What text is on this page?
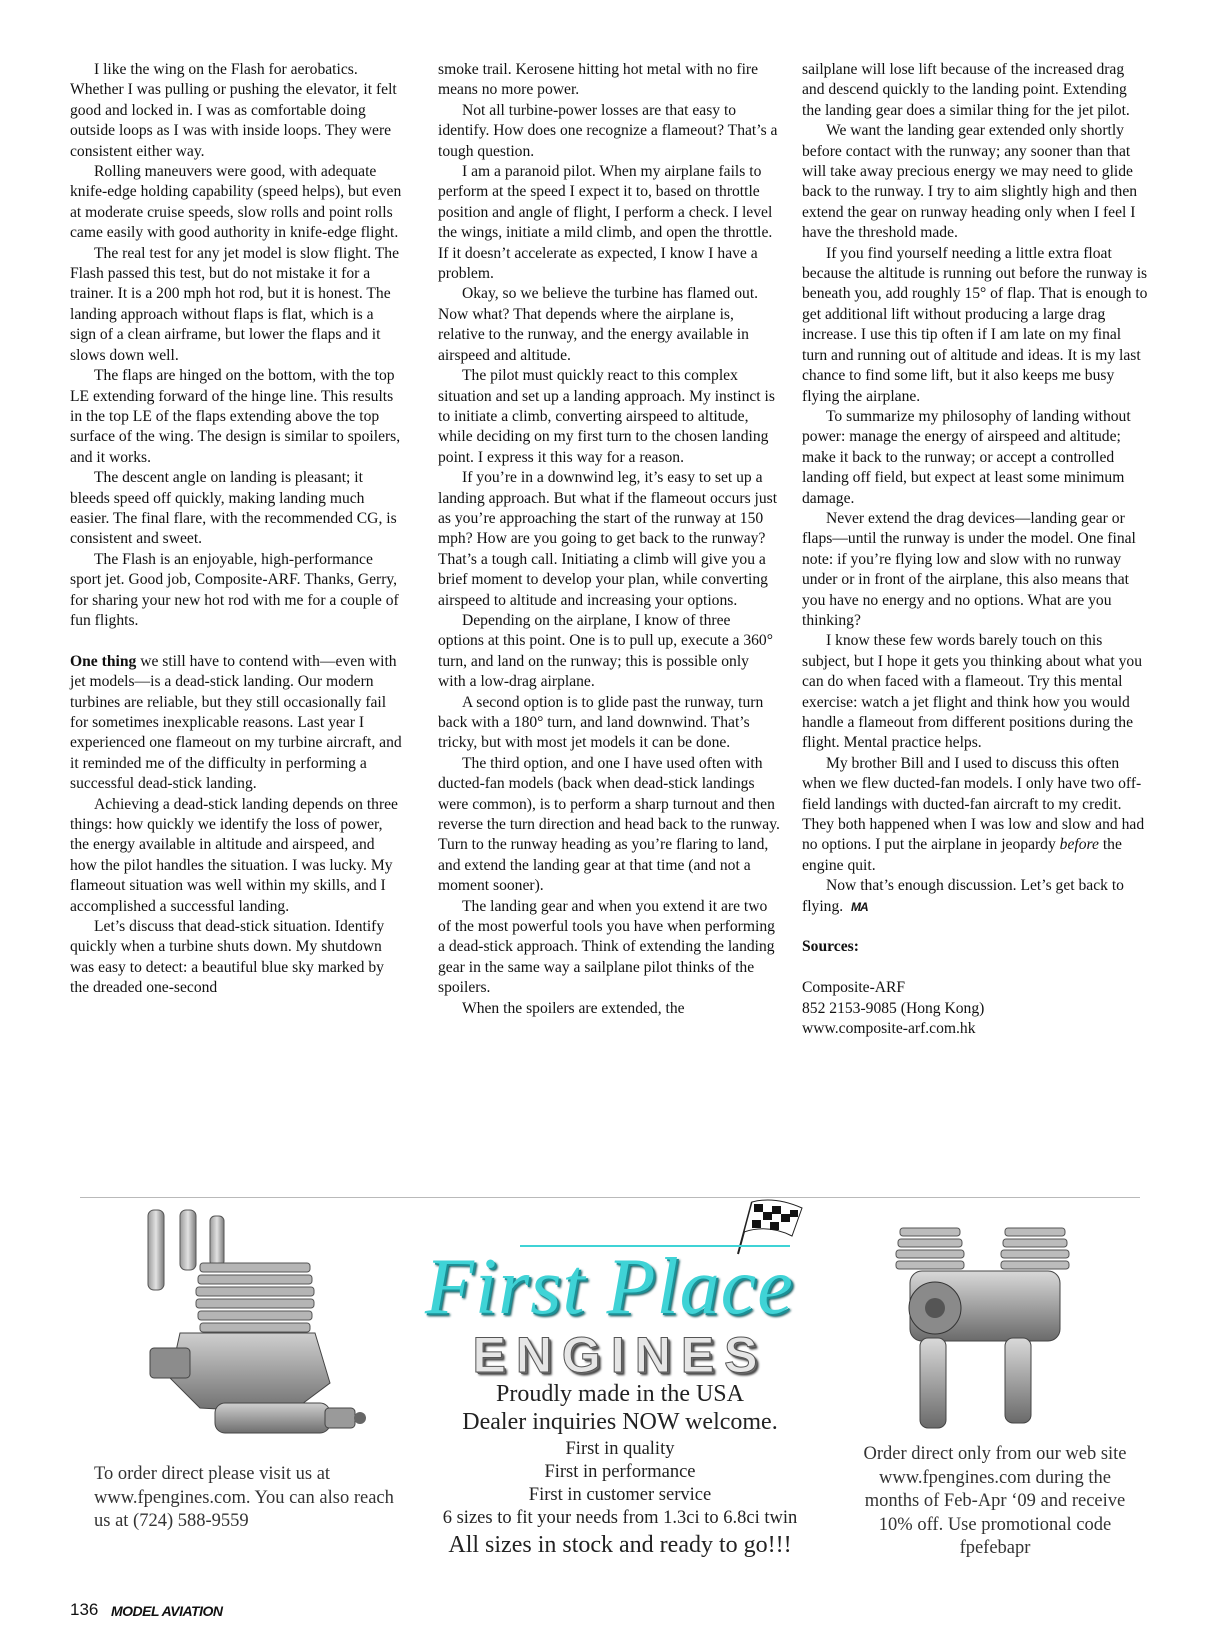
I like the wing on the Flash for aerobatics. Whether I was pulling or pushing the elevator, it felt good and locked in. I was as comfortable doing outside loops as I was with inside loops. They were consistent either way.

Rolling maneuvers were good, with adequate knife-edge holding capability (speed helps), but even at moderate cruise speeds, slow rolls and point rolls came easily with good authority in knife-edge flight.

The real test for any jet model is slow flight. The Flash passed this test, but do not mistake it for a trainer. It is a 200 mph hot rod, but it is honest. The landing approach without flaps is flat, which is a sign of a clean airframe, but lower the flaps and it slows down well.

The flaps are hinged on the bottom, with the top LE extending forward of the hinge line. This results in the top LE of the flaps extending above the top surface of the wing. The design is similar to spoilers, and it works.

The descent angle on landing is pleasant; it bleeds speed off quickly, making landing much easier. The final flare, with the recommended CG, is consistent and sweet.

The Flash is an enjoyable, high-performance sport jet. Good job, Composite-ARF. Thanks, Gerry, for sharing your new hot rod with me for a couple of fun flights.

One thing we still have to contend with—even with jet models—is a dead-stick landing. Our modern turbines are reliable, but they still occasionally fail for sometimes inexplicable reasons. Last year I experienced one flameout on my turbine aircraft, and it reminded me of the difficulty in performing a successful dead-stick landing.

Achieving a dead-stick landing depends on three things: how quickly we identify the loss of power, the energy available in altitude and airspeed, and how the pilot handles the situation. I was lucky. My flameout situation was well within my skills, and I accomplished a successful landing.

Let’s discuss that dead-stick situation. Identify quickly when a turbine shuts down. My shutdown was easy to detect: a beautiful blue sky marked by the dreaded one-second

smoke trail. Kerosene hitting hot metal with no fire means no more power.

Not all turbine-power losses are that easy to identify. How does one recognize a flameout? That’s a tough question.

I am a paranoid pilot. When my airplane fails to perform at the speed I expect it to, based on throttle position and angle of flight, I perform a check. I level the wings, initiate a mild climb, and open the throttle. If it doesn’t accelerate as expected, I know I have a problem.

Okay, so we believe the turbine has flamed out. Now what? That depends where the airplane is, relative to the runway, and the energy available in airspeed and altitude.

The pilot must quickly react to this complex situation and set up a landing approach. My instinct is to initiate a climb, converting airspeed to altitude, while deciding on my first turn to the chosen landing point. I express it this way for a reason.

If you’re in a downwind leg, it’s easy to set up a landing approach. But what if the flameout occurs just as you’re approaching the start of the runway at 150 mph? How are you going to get back to the runway? That’s a tough call. Initiating a climb will give you a brief moment to develop your plan, while converting airspeed to altitude and increasing your options.

Depending on the airplane, I know of three options at this point. One is to pull up, execute a 360° turn, and land on the runway; this is possible only with a low-drag airplane.

A second option is to glide past the runway, turn back with a 180° turn, and land downwind. That’s tricky, but with most jet models it can be done.

The third option, and one I have used often with ducted-fan models (back when dead-stick landings were common), is to perform a sharp turnout and then reverse the turn direction and head back to the runway. Turn to the runway heading as you’re flaring to land, and extend the landing gear at that time (and not a moment sooner).

The landing gear and when you extend it are two of the most powerful tools you have when performing a dead-stick approach. Think of extending the landing gear in the same way a sailplane pilot thinks of the spoilers.

When the spoilers are extended, the

sailplane will lose lift because of the increased drag and descend quickly to the landing point. Extending the landing gear does a similar thing for the jet pilot.

We want the landing gear extended only shortly before contact with the runway; any sooner than that will take away precious energy we may need to glide back to the runway. I try to aim slightly high and then extend the gear on runway heading only when I feel I have the threshold made.

If you find yourself needing a little extra float because the altitude is running out before the runway is beneath you, add roughly 15° of flap. That is enough to get additional lift without producing a large drag increase. I use this tip often if I am late on my final turn and running out of altitude and ideas. It is my last chance to find some lift, but it also keeps me busy flying the airplane.

To summarize my philosophy of landing without power: manage the energy of airspeed and altitude; make it back to the runway; or accept a controlled landing off field, but expect at least some minimum damage.

Never extend the drag devices—landing gear or flaps—until the runway is under the model. One final note: if you’re flying low and slow with no runway under or in front of the airplane, this also means that you have no energy and no options. What are you thinking?

I know these few words barely touch on this subject, but I hope it gets you thinking about what you can do when faced with a flameout. Try this mental exercise: watch a jet flight and think how you would handle a flameout from different positions during the flight. Mental practice helps.

My brother Bill and I used to discuss this often when we flew ducted-fan models. I only have two off-field landings with ducted-fan aircraft to my credit. They both happened when I was low and slow and had no options. I put the airplane in jeopardy before the engine quit.

Now that’s enough discussion. Let’s get back to flying. MA

Sources:

Composite-ARF

852 2153-9085 (Hong Kong)

www.composite-arf.com.hk

First Place
ENGINES
Proudly made in the USA
Dealer inquiries NOW welcome.
First in quality
First in performance
First in customer service
6 sizes to fit your needs from 1.3ci to 6.8ci twin
All sizes in stock and ready to go!!!
To order direct please visit us at www.fpengines.com. You can also reach us at (724) 588-9559
Order direct only from our web site www.fpengines.com during the months of Feb-Apr ‘09 and receive 10% off. Use promotional code fpefebapr
136 MODEL AVIATION
